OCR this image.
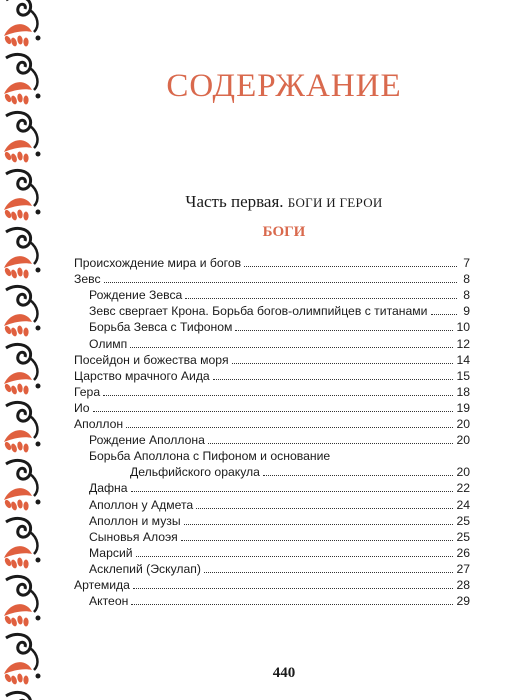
СОДЕРЖАНИЕ
Часть первая. БОГИ И ГЕРОИ
БОГИ
Происхождение мира и богов	7
Зевс	8
Рождение Зевса	8
Зевс свергает Крона. Борьба богов-олимпийцев с титанами	9
Борьба Зевса с Тифоном	10
Олимп	12
Посейдон и божества моря	14
Царство мрачного Аида	15
Гера	18
Ио	19
Аполлон	20
Рождение Аполлона	20
Борьба Аполлона с Пифоном и основание
Дельфийского оракула	20
Дафна	22
Аполлон у Адмета	24
Аполлон и музы	25
Сыновья Алоэя	25
Марсий	26
Асклепий (Эскулап)	27
Артемида	28
Актеон	29
440
